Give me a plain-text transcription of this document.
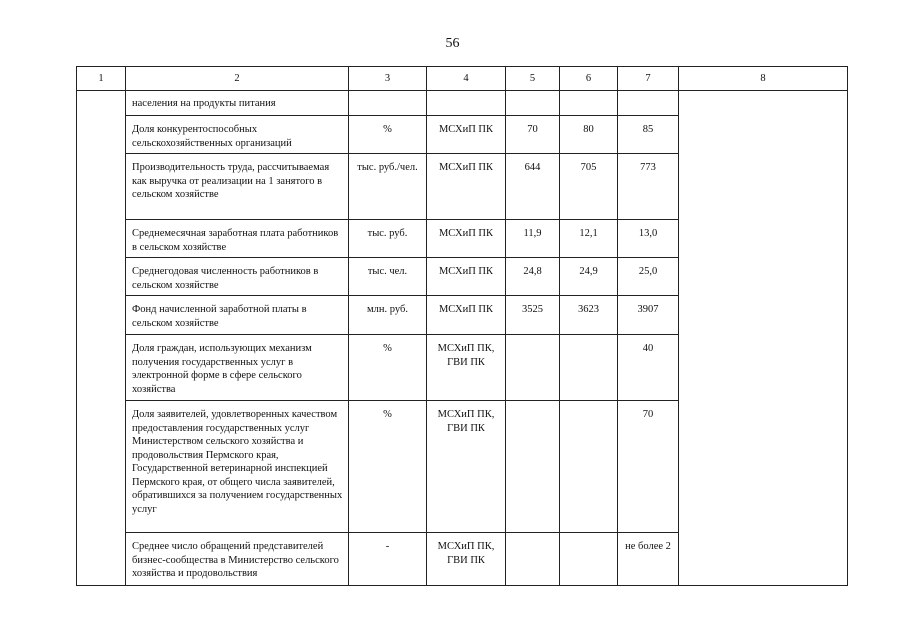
56
1	2	3	4	5	6	7	8
	населения на продукты питания						
	Доля конкурентоспособных сельскохозяйственных организаций	%	МСХиП ПК	70	80	85	
	Производительность труда, рассчитываемая как выручка от реализации на 1 занятого в сельском хозяйстве	тыс. руб./чел.	МСХиП ПК	644	705	773	
	Среднемесячная заработная плата работников в сельском хозяйстве	тыс. руб.	МСХиП ПК	11,9	12,1	13,0	
	Среднегодовая численность работников в сельском хозяйстве	тыс. чел.	МСХиП ПК	24,8	24,9	25,0	
	Фонд начисленной заработной платы в сельском хозяйстве	млн. руб.	МСХиП ПК	3525	3623	3907	
	Доля граждан, использующих механизм получения государственных услуг в электронной форме в сфере сельского хозяйства	%	МСХиП ПК, ГВИ ПК			40	
	Доля заявителей, удовлетворенных качеством предоставления государственных услуг Министерством сельского хозяйства и продовольствия Пермского края, Государственной ветеринарной инспекцией Пермского края, от общего числа заявителей, обратившихся за получением государственных услуг	%	МСХиП ПК, ГВИ ПК			70	
	Среднее число обращений представителей бизнес-сообщества в Министерство сельского хозяйства и продовольствия	-	МСХиП ПК, ГВИ ПК			не более 2	
